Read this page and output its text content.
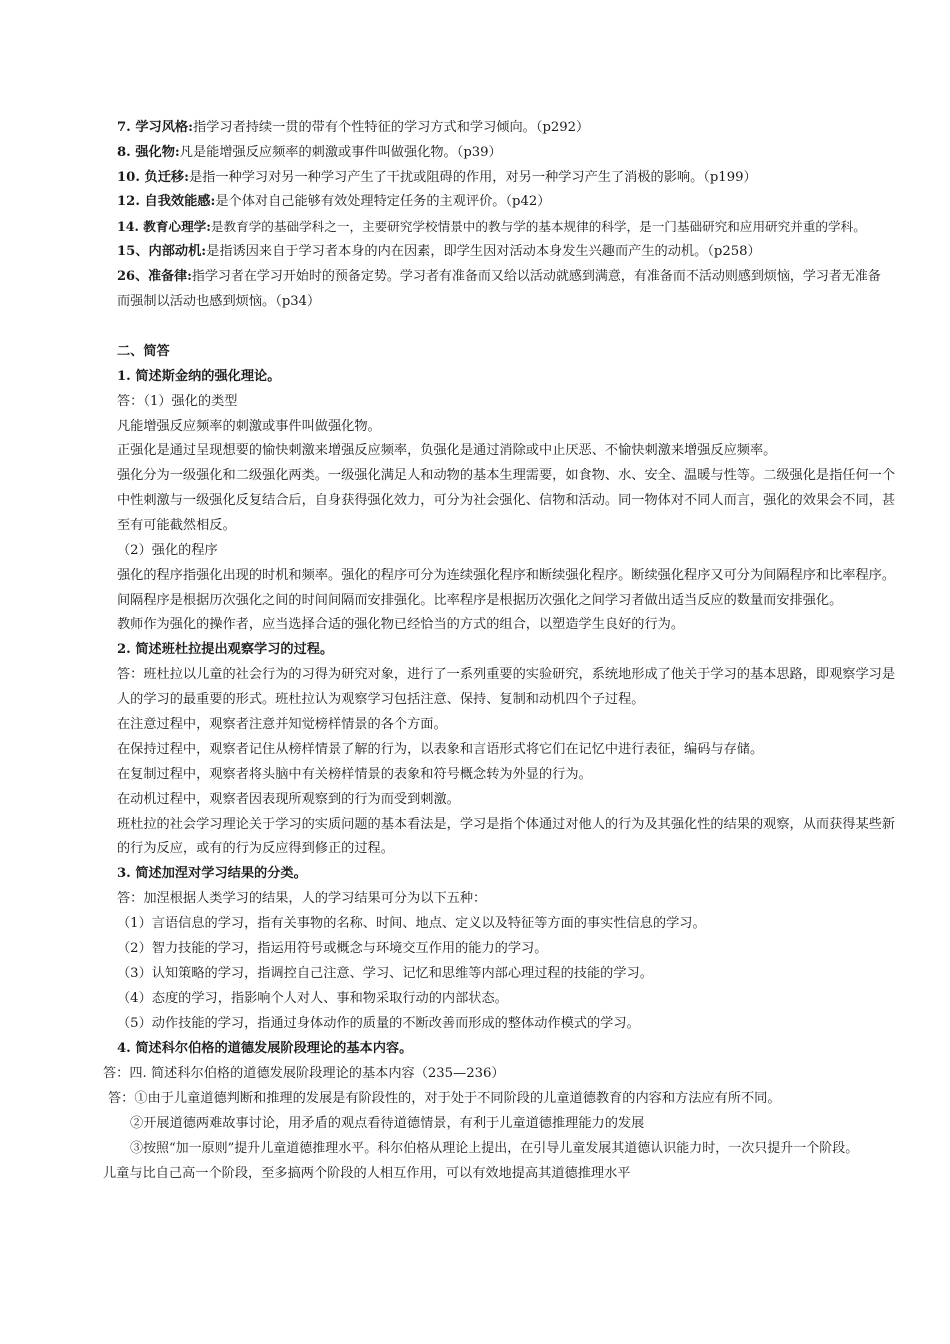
7. 学习风格:指学习者持续一贯的带有个性特征的学习方式和学习倾向。（p292）
8. 强化物:凡是能增强反应频率的刺激或事件叫做强化物。（p39）
10. 负迁移:是指一种学习对另一种学习产生了干扰或阻碍的作用，对另一种学习产生了消极的影响。（p199）
12. 自我效能感:是个体对自己能够有效处理特定任务的主观评价。（p42）
14. 教育心理学:是教育学的基础学科之一，主要研究学校情景中的教与学的基本规律的科学，是一门基础研究和应用研究并重的学科。
15、内部动机:是指诱因来自于学习者本身的内在因素，即学生因对活动本身发生兴趣而产生的动机。（p258）
26、准备律:指学习者在学习开始时的预备定势。学习者有准备而又给以活动就感到满意，有准备而不活动则感到烦恼，学习者无准备
而强制以活动也感到烦恼。（p34）
二、简答
1. 简述斯金纳的强化理论。
答：（1）强化的类型
凡能增强反应频率的刺激或事件叫做强化物。
正强化是通过呈现想要的愉快刺激来增强反应频率，负强化是通过消除或中止厌恶、不愉快刺激来增强反应频率。
强化分为一级强化和二级强化两类。一级强化满足人和动物的基本生理需要，如食物、水、安全、温暖与性等。二级强化是指任何一个
中性刺激与一级强化反复结合后，自身获得强化效力，可分为社会强化、信物和活动。同一物体对不同人而言，强化的效果会不同，甚
至有可能截然相反。
（2）强化的程序
强化的程序指强化出现的时机和频率。强化的程序可分为连续强化程序和断续强化程序。断续强化程序又可分为间隔程序和比率程序。
间隔程序是根据历次强化之间的时间间隔而安排强化。比率程序是根据历次强化之间学习者做出适当反应的数量而安排强化。
教师作为强化的操作者，应当选择合适的强化物已经恰当的方式的组合，以塑造学生良好的行为。
2. 简述班杜拉提出观察学习的过程。
答：班杜拉以儿童的社会行为的习得为研究对象，进行了一系列重要的实验研究，系统地形成了他关于学习的基本思路，即观察学习是
人的学习的最重要的形式。班杜拉认为观察学习包括注意、保持、复制和动机四个子过程。
在注意过程中，观察者注意并知觉榜样情景的各个方面。
在保持过程中，观察者记住从榜样情景了解的行为，以表象和言语形式将它们在记忆中进行表征，编码与存储。
在复制过程中，观察者将头脑中有关榜样情景的表象和符号概念转为外显的行为。
在动机过程中，观察者因表现所观察到的行为而受到刺激。
班杜拉的社会学习理论关于学习的实质问题的基本看法是，学习是指个体通过对他人的行为及其强化性的结果的观察，从而获得某些新
的行为反应，或有的行为反应得到修正的过程。
3. 简述加涅对学习结果的分类。
答：加涅根据人类学习的结果，人的学习结果可分为以下五种：
（1）言语信息的学习，指有关事物的名称、时间、地点、定义以及特征等方面的事实性信息的学习。
（2）智力技能的学习，指运用符号或概念与环境交互作用的能力的学习。
（3）认知策略的学习，指调控自己注意、学习、记忆和思维等内部心理过程的技能的学习。
（4）态度的学习，指影响个人对人、事和物采取行动的内部状态。
（5）动作技能的学习，指通过身体动作的质量的不断改善而形成的整体动作模式的学习。
4. 简述科尔伯格的道德发展阶段理论的基本内容。
答：四. 简述科尔伯格的道德发展阶段理论的基本内容（235—236）
答：①由于儿童道德判断和推理的发展是有阶段性的，对于处于不同阶段的儿童道德教育的内容和方法应有所不同。
②开展道德两难故事讨论，用矛盾的观点看待道德情景，有利于儿童道德推理能力的发展
③按照“加一原则”提升儿童道德推理水平。科尔伯格从理论上提出，在引导儿童发展其道德认识能力时，一次只提升一个阶段。
儿童与比自己高一个阶段，至多搞两个阶段的人相互作用，可以有效地提高其道德推理水平
